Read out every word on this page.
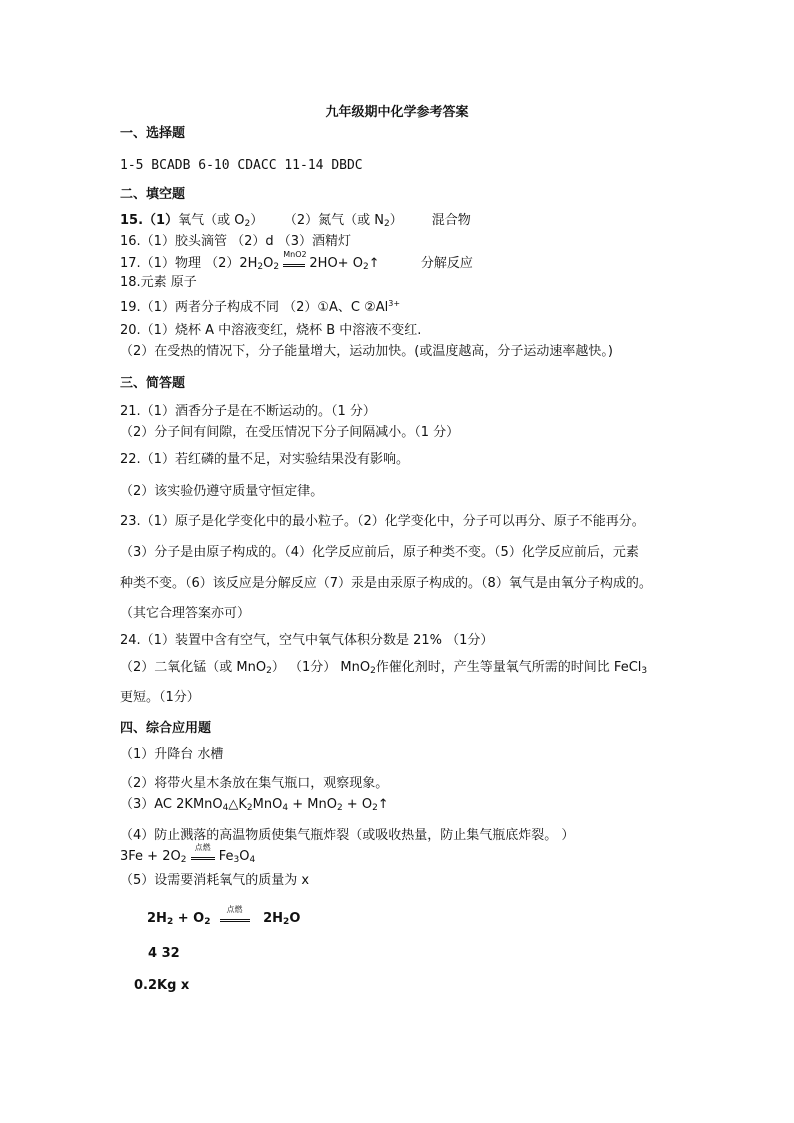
九年级期中化学参考答案
一、选择题
1-5 BCADB 6-10 CDACC 11-14 DBDC
二、填空题
15.（1）氧气（或 $O_2$） （2）氮气（或 $N_2$） 混合物
16.（1）胶头滴管 （2）d （3）酒精灯
17.（1）物理 $(2)2H_2O_2$
MnO2
$2HO+ O_2↑$	分解反应
18.元素 原子
19.（1）两者分子构成不同 （2）①A、C $②Al^{3+}$
20.（1）烧杯 A 中溶液变红，烧杯 B 中溶液不变红.
（2）在受热的情况下，分子能量增大，运动加快。(或温度越高，分子运动速率越快。)
三、简答题
21.（1）酒香分子是在不断运动的。（1 分）
（2）分子间有间隙，在受压情况下分子间隔减小。（1 分）
22.（1）若红磷的量不足，对实验结果没有影响。
（2）该实验仍遵守质量守恒定律。
23.（1）原子是化学变化中的最小粒子。（2）化学变化中，分子可以再分、原子不能再分。
（3）分子是由原子构成的。（4）化学反应前后，原子种类不变。（5）化学反应前后，元素
种类不变。（6）该反应是分解反应（7）汞是由汞原子构成的。（8）氧气是由氧分子构成的。
（其它合理答案亦可）
24.（1）装置中含有空气，空气中氧气体积分数是 21% （1分）
（2）二氧化锰（或 MnO$_2$） （1分） MnO$_2$作催化剂时，产生等量氧气所需的时间比 FeCl$_3$
更短。（1分）
四、综合应用题
（1）升降台 水槽
（2）将带火星木条放在集气瓶口，观察现象。
（3）AC $2KMnO_4\triangle K_2MnO_4 + MnO_2$ + $O_2↑$
（4）防止溅落的高温物质使集气瓶炸裂（或吸收热量，防止集气瓶底炸裂。 ）
$3Fe + 2O_2$
点燃
$Fe_3O_4$
（5）设需要消耗氧气的质量为 x
$2H_2 + O_2$
点燃
$2H_2O$
4 32
0.2Kg x
